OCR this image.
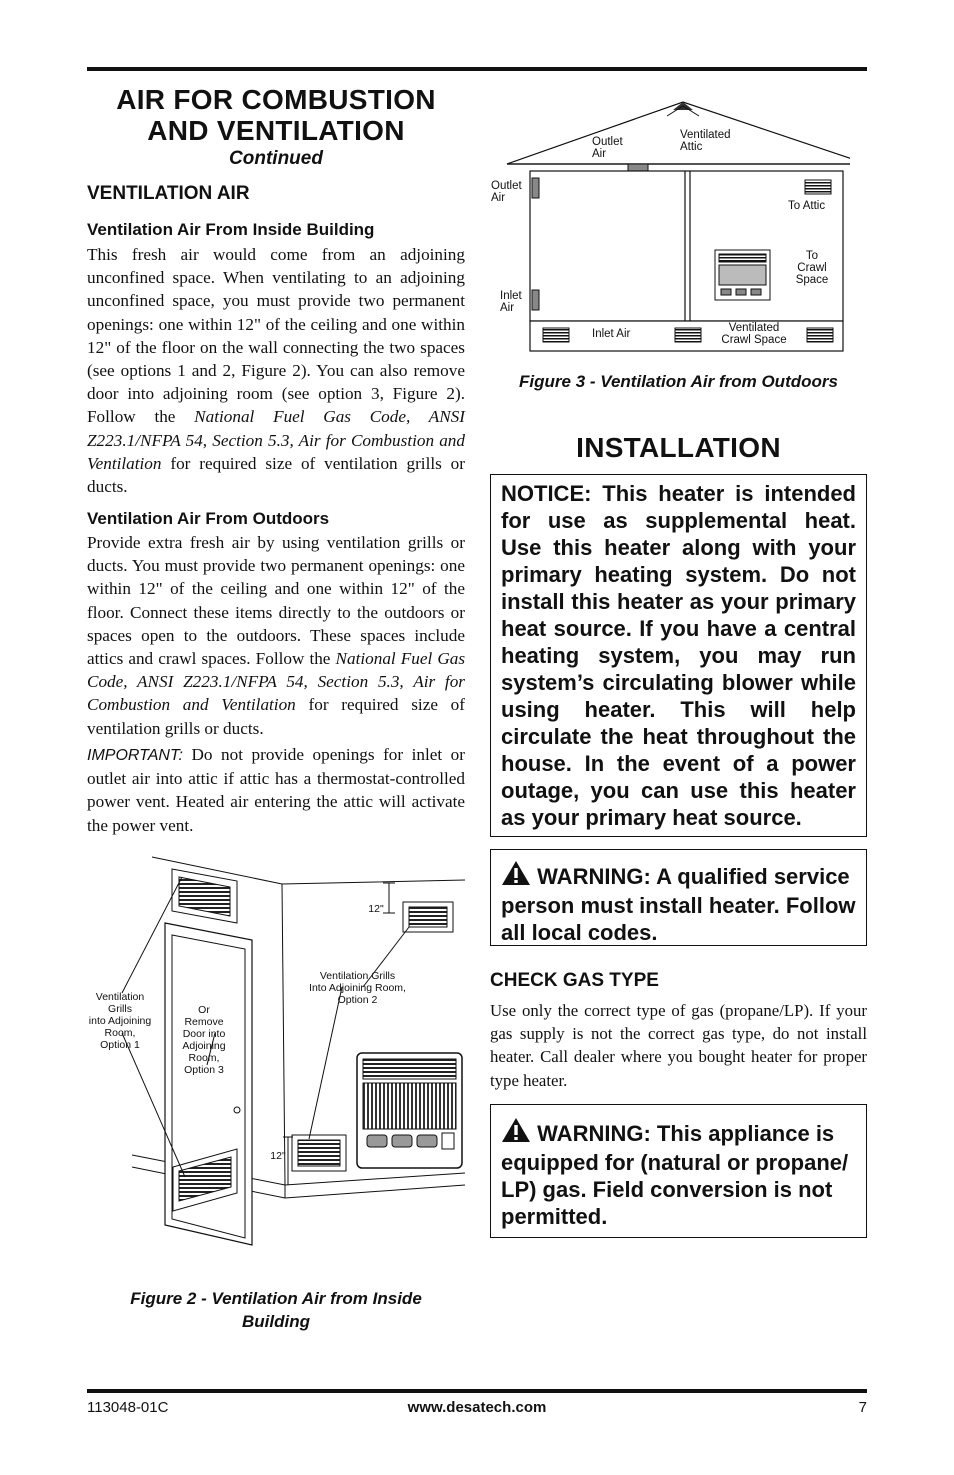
AIR FOR COMBUSTION
AND VENTILATION
Continued
VENTILATION AIR
Ventilation Air From Inside Building
This fresh air would come from an adjoining unconfined space. When ventilating to an adjoining unconfined space, you must provide two permanent openings: one within 12" of the ceiling and one within 12" of the floor on the wall connecting the two spaces (see options 1 and 2, Figure 2). You can also remove door into adjoining room (see option 3, Figure 2). Follow the National Fuel Gas Code, ANSI Z223.1/NFPA 54, Section 5.3, Air for Combustion and Ventilation for required size of ventilation grills or ducts.
Ventilation Air From Outdoors
Provide extra fresh air by using ventilation grills or ducts. You must provide two permanent openings: one within 12" of the ceiling and one within 12" of the floor. Connect these items directly to the outdoors or spaces open to the outdoors. These spaces include attics and crawl spaces. Follow the National Fuel Gas Code, ANSI Z223.1/NFPA 54, Section 5.3, Air for Combustion and Ventilation for required size of ventilation grills or ducts.
IMPORTANT: Do not provide openings for inlet or outlet air into attic if attic has a thermostat-controlled power vent. Heated air entering the attic will activate the power vent.
Ventilation
Grills
into Adjoining
Room,
Option 1
Or
Remove
Door into
Adjoining
Room,
Option 3
Ventilation Grills
Into Adjoining Room,
Option 2
12"
12"
Figure 2 - Ventilation Air from Inside
Building
Outlet
Air
Ventilated
Attic
Outlet
Air
Inlet
Air
To Attic
To
Crawl
Space
Inlet Air	Ventilated
Crawl Space
Figure 3 - Ventilation Air from Outdoors
INSTALLATION
NOTICE: This heater is intended for use as supplemental heat. Use this heater along with your primary heating system. Do not install this heater as your primary heat source. If you have a central heating system, you may run system’s circulating blower while using heater. This will help circulate the heat throughout the house. In the event of a power outage, you can use this heater as your primary heat source.
WARNING: A qualified service person must install heater. Follow all local codes.
CHECK GAS TYPE
Use only the correct type of gas (propane/LP). If your gas supply is not the correct gas type, do not install heater. Call dealer where you bought heater for proper type heater.
WARNING: This appliance is equipped for (natural or propane/ LP) gas. Field conversion is not permitted.
113048-01C	www.desatech.com	7
